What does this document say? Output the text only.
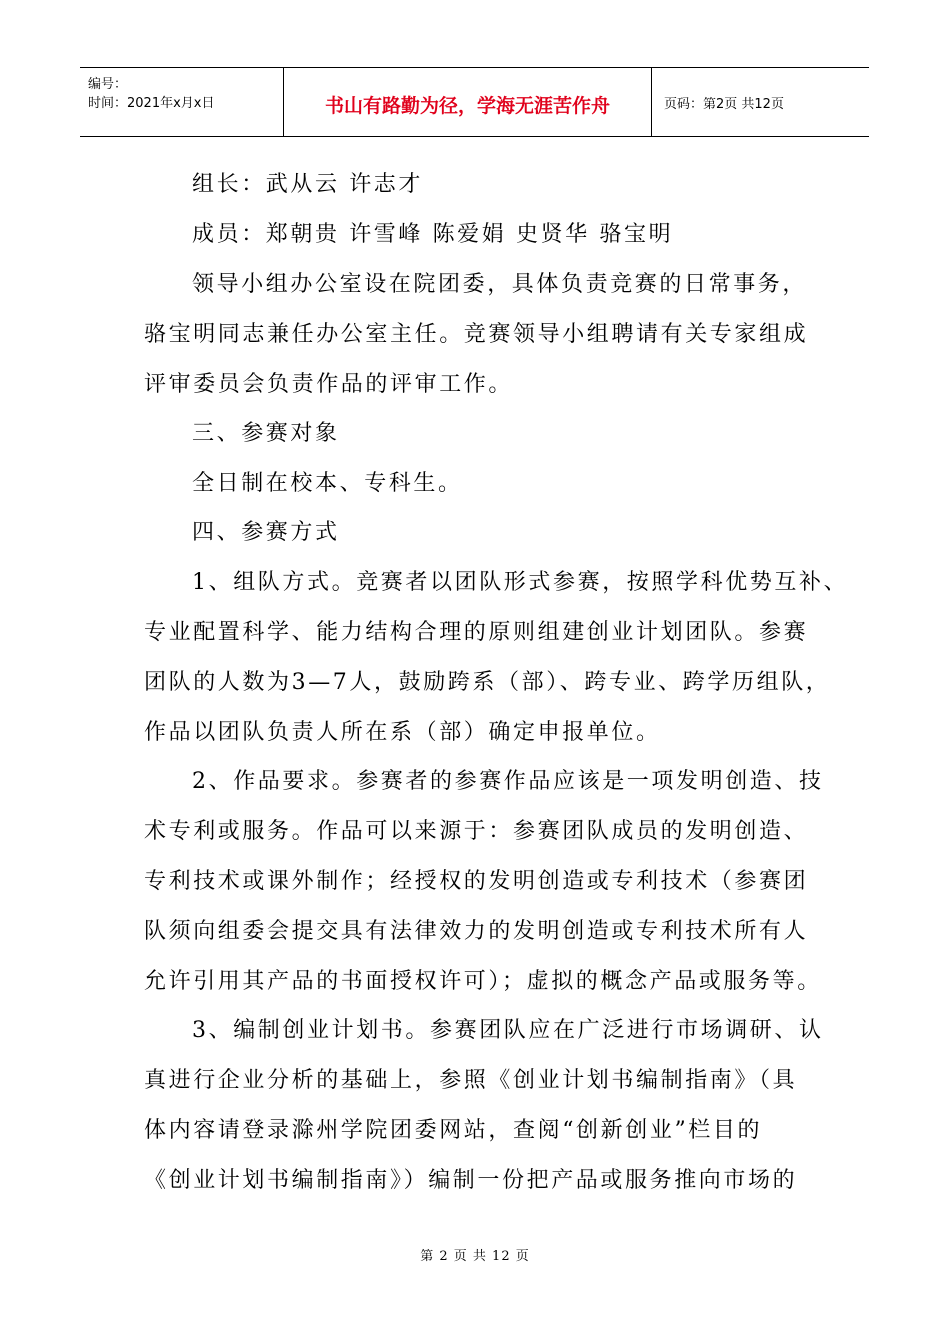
编号：
时间：2021年x月x日	书山有路勤为径，学海无涯苦作舟	页码：第2页 共12页
组长：武从云 许志才
成员：郑朝贵 许雪峰 陈爱娟 史贤华 骆宝明
领导小组办公室设在院团委，具体负责竞赛的日常事务，
骆宝明同志兼任办公室主任。竞赛领导小组聘请有关专家组成
评审委员会负责作品的评审工作。
三、参赛对象
全日制在校本、专科生。
四、参赛方式
1、组队方式。竞赛者以团队形式参赛，按照学科优势互补、
专业配置科学、能力结构合理的原则组建创业计划团队。参赛
团队的人数为3—7人，鼓励跨系（部）、跨专业、跨学历组队，
作品以团队负责人所在系（部）确定申报单位。
2、作品要求。参赛者的参赛作品应该是一项发明创造、技
术专利或服务。作品可以来源于：参赛团队成员的发明创造、
专利技术或课外制作；经授权的发明创造或专利技术（参赛团
队须向组委会提交具有法律效力的发明创造或专利技术所有人
允许引用其产品的书面授权许可）；虚拟的概念产品或服务等。
3、编制创业计划书。参赛团队应在广泛进行市场调研、认
真进行企业分析的基础上，参照《创业计划书编制指南》（具
体内容请登录滁州学院团委网站，查阅“创新创业”栏目的
《创业计划书编制指南》）编制一份把产品或服务推向市场的
第 2 页 共 12 页
